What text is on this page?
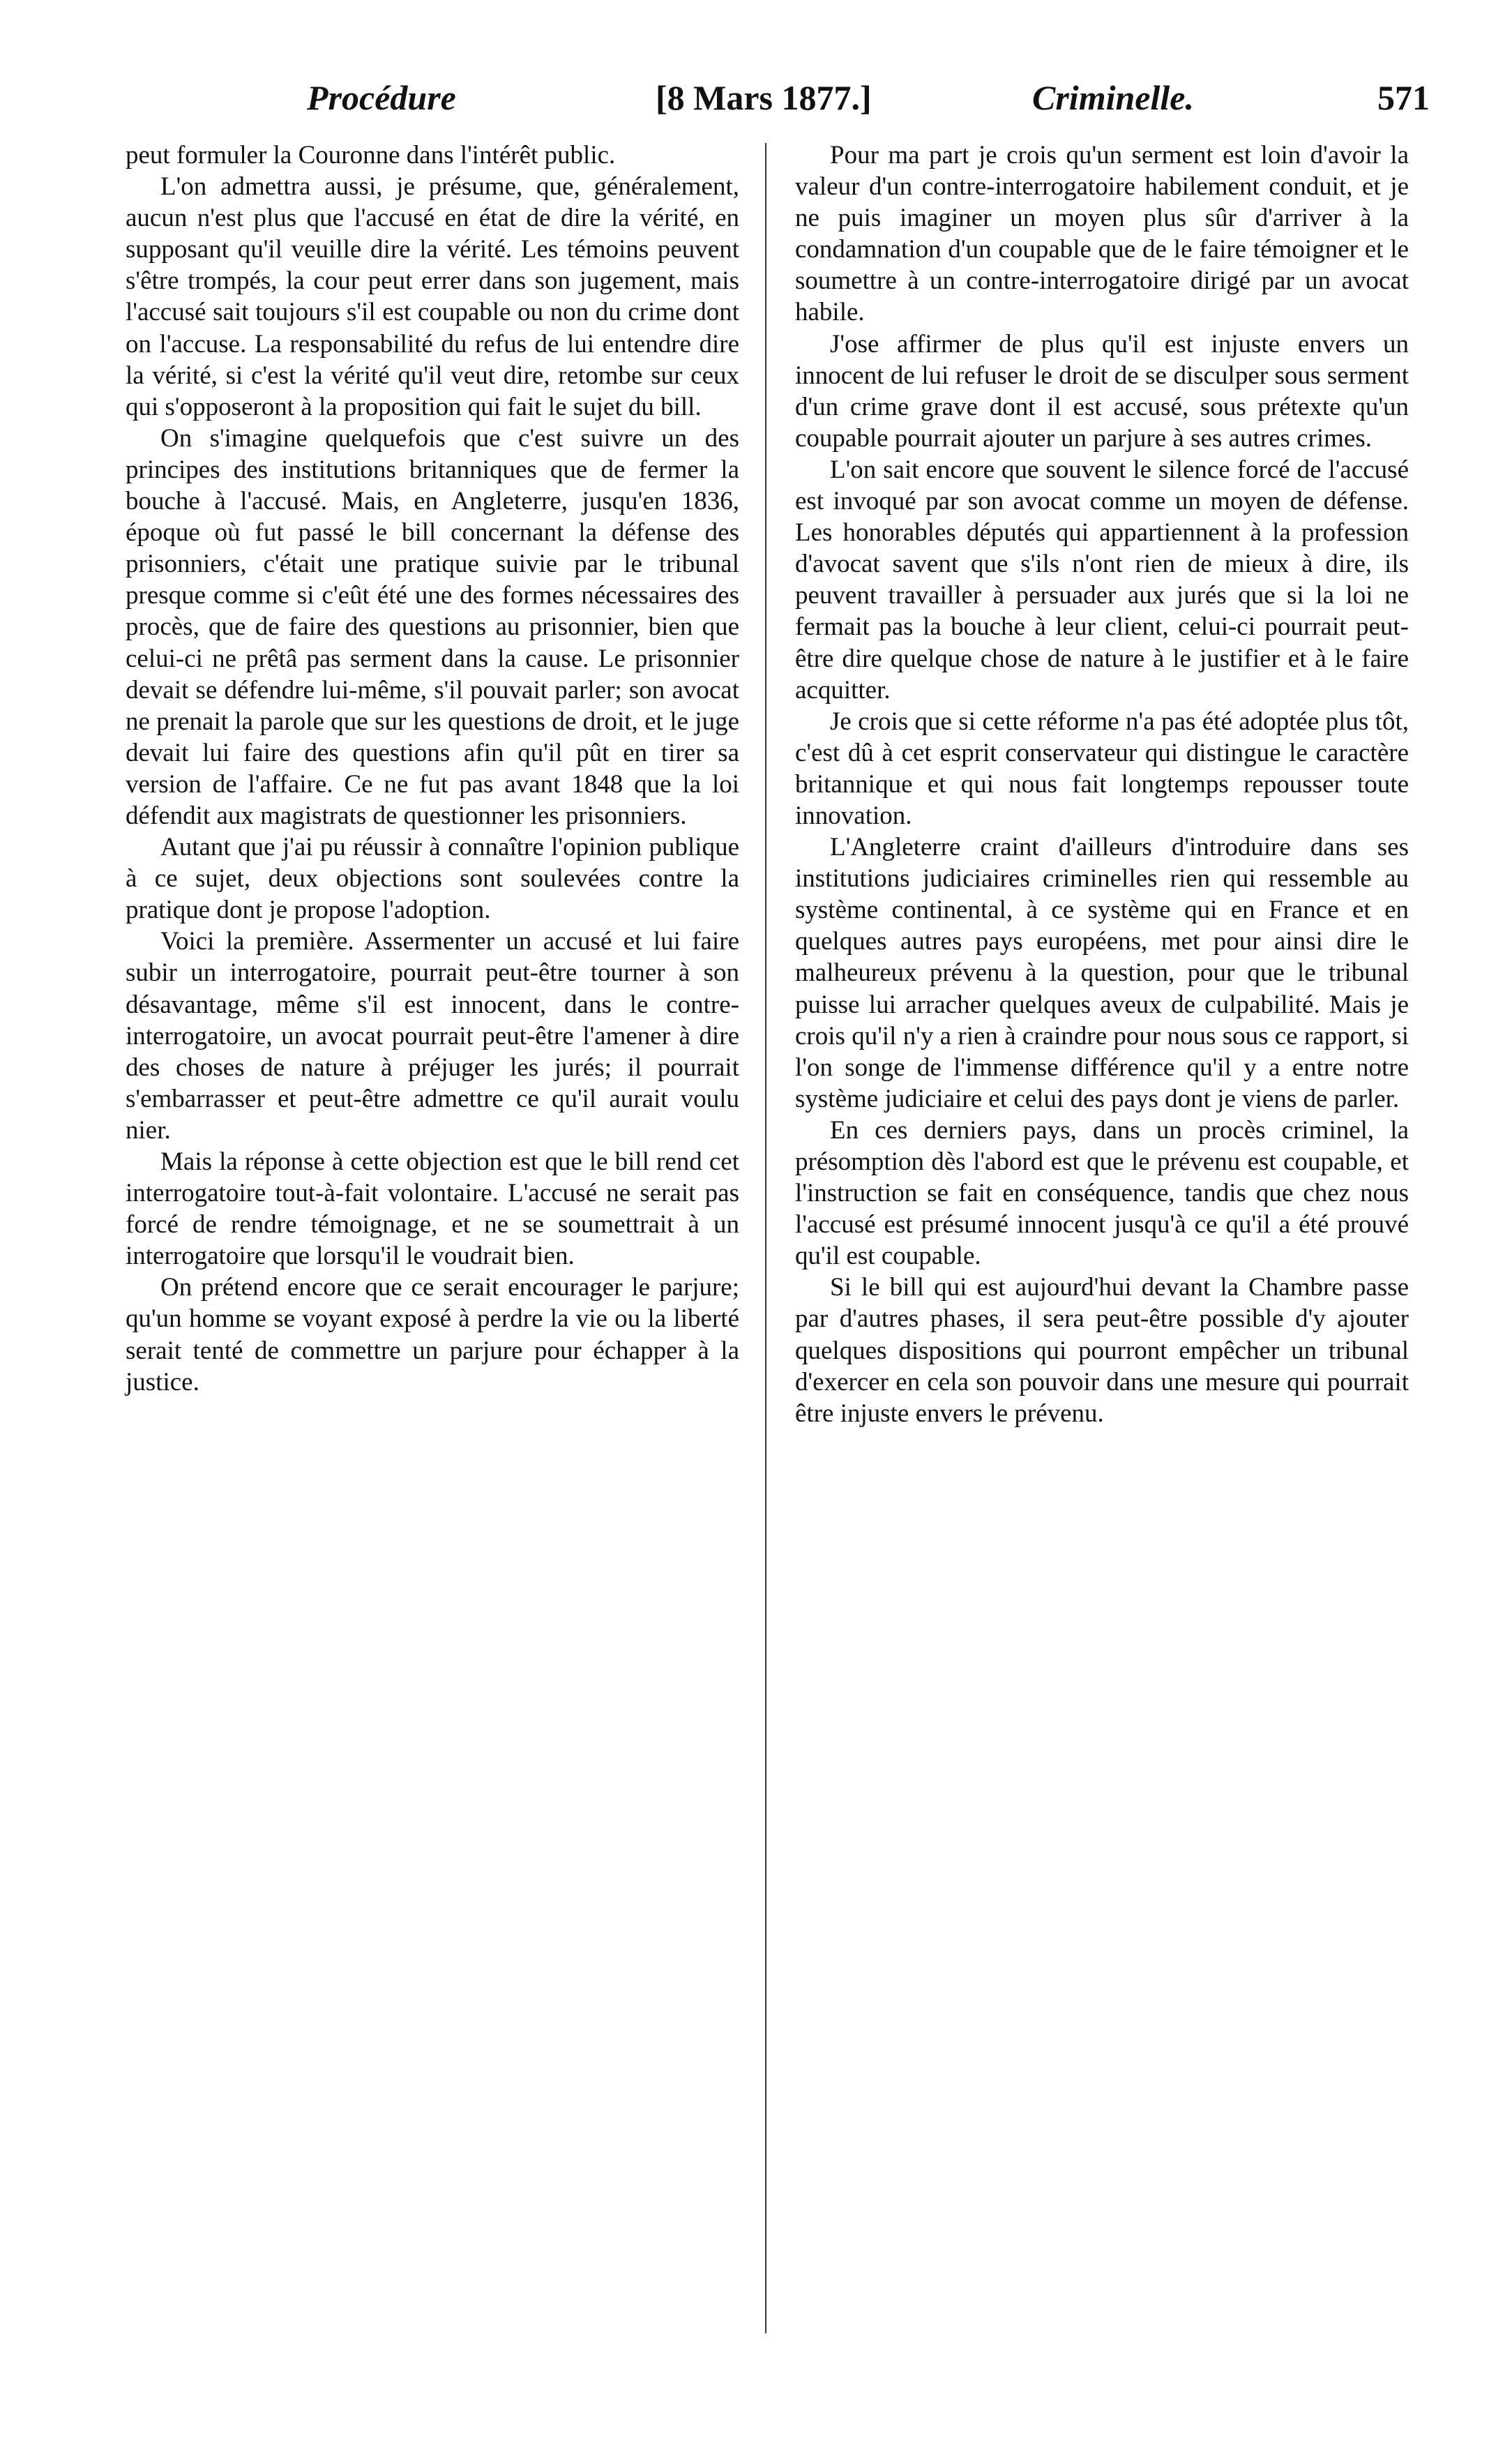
Procédure	[8 Mars 1877.]	Criminelle.	571

peut formuler la Couronne dans l'intérêt public.

L'on admettra aussi, je présume, que, généralement, aucun n'est plus que l'accusé en état de dire la vérité, en supposant qu'il veuille dire la vérité. Les témoins peuvent s'être trompés, la cour peut errer dans son jugement, mais l'accusé sait toujours s'il est coupable ou non du crime dont on l'accuse. La responsabilité du refus de lui entendre dire la vérité, si c'est la vérité qu'il veut dire, retombe sur ceux qui s'opposeront à la proposition qui fait le sujet du bill.

On s'imagine quelquefois que c'est suivre un des principes des institutions britanniques que de fermer la bouche à l'accusé. Mais, en Angleterre, jusqu'en 1836, époque où fut passé le bill concernant la défense des prisonniers, c'était une pratique suivie par le tribunal presque comme si c'eût été une des formes nécessaires des procès, que de faire des questions au prisonnier, bien que celui-ci ne prêtâ pas serment dans la cause. Le prisonnier devait se défendre lui-même, s'il pouvait parler; son avocat ne prenait la parole que sur les questions de droit, et le juge devait lui faire des questions afin qu'il pût en tirer sa version de l'affaire. Ce ne fut pas avant 1848 que la loi défendit aux magistrats de questionner les prisonniers.

Autant que j'ai pu réussir à connaître l'opinion publique à ce sujet, deux objections sont soulevées contre la pratique dont je propose l'adoption.

Voici la première. Assermenter un accusé et lui faire subir un interrogatoire, pourrait peut-être tourner à son désavantage, même s'il est innocent, dans le contre-interrogatoire, un avocat pourrait peut-être l'amener à dire des choses de nature à préjuger les jurés; il pourrait s'embarrasser et peut-être admettre ce qu'il aurait voulu nier.

Mais la réponse à cette objection est que le bill rend cet interrogatoire tout-à-fait volontaire. L'accusé ne serait pas forcé de rendre témoignage, et ne se soumettrait à un interrogatoire que lorsqu'il le voudrait bien.

On prétend encore que ce serait encourager le parjure; qu'un homme se voyant exposé à perdre la vie ou la liberté serait tenté de commettre un parjure pour échapper à la justice.

Pour ma part je crois qu'un serment est loin d'avoir la valeur d'un contre-interrogatoire habilement conduit, et je ne puis imaginer un moyen plus sûr d'arriver à la condamnation d'un coupable que de le faire témoigner et le soumettre à un contre-interrogatoire dirigé par un avocat habile.

J'ose affirmer de plus qu'il est injuste envers un innocent de lui refuser le droit de se disculper sous serment d'un crime grave dont il est accusé, sous prétexte qu'un coupable pourrait ajouter un parjure à ses autres crimes.

L'on sait encore que souvent le silence forcé de l'accusé est invoqué par son avocat comme un moyen de défense. Les honorables députés qui appartiennent à la profession d'avocat savent que s'ils n'ont rien de mieux à dire, ils peuvent travailler à persuader aux jurés que si la loi ne fermait pas la bouche à leur client, celui-ci pourrait peut-être dire quelque chose de nature à le justifier et à le faire acquitter.

Je crois que si cette réforme n'a pas été adoptée plus tôt, c'est dû à cet esprit conservateur qui distingue le caractère britannique et qui nous fait longtemps repousser toute innovation.

L'Angleterre craint d'ailleurs d'introduire dans ses institutions judiciaires criminelles rien qui ressemble au système continental, à ce système qui en France et en quelques autres pays européens, met pour ainsi dire le malheureux prévenu à la question, pour que le tribunal puisse lui arracher quelques aveux de culpabilité. Mais je crois qu'il n'y a rien à craindre pour nous sous ce rapport, si l'on songe de l'immense différence qu'il y a entre notre système judiciaire et celui des pays dont je viens de parler.

En ces derniers pays, dans un procès criminel, la présomption dès l'abord est que le prévenu est coupable, et l'instruction se fait en conséquence, tandis que chez nous l'accusé est présumé innocent jusqu'à ce qu'il a été prouvé qu'il est coupable.

Si le bill qui est aujourd'hui devant la Chambre passe par d'autres phases, il sera peut-être possible d'y ajouter quelques dispositions qui pourront empêcher un tribunal d'exercer en cela son pouvoir dans une mesure qui pourrait être injuste envers le prévenu.
